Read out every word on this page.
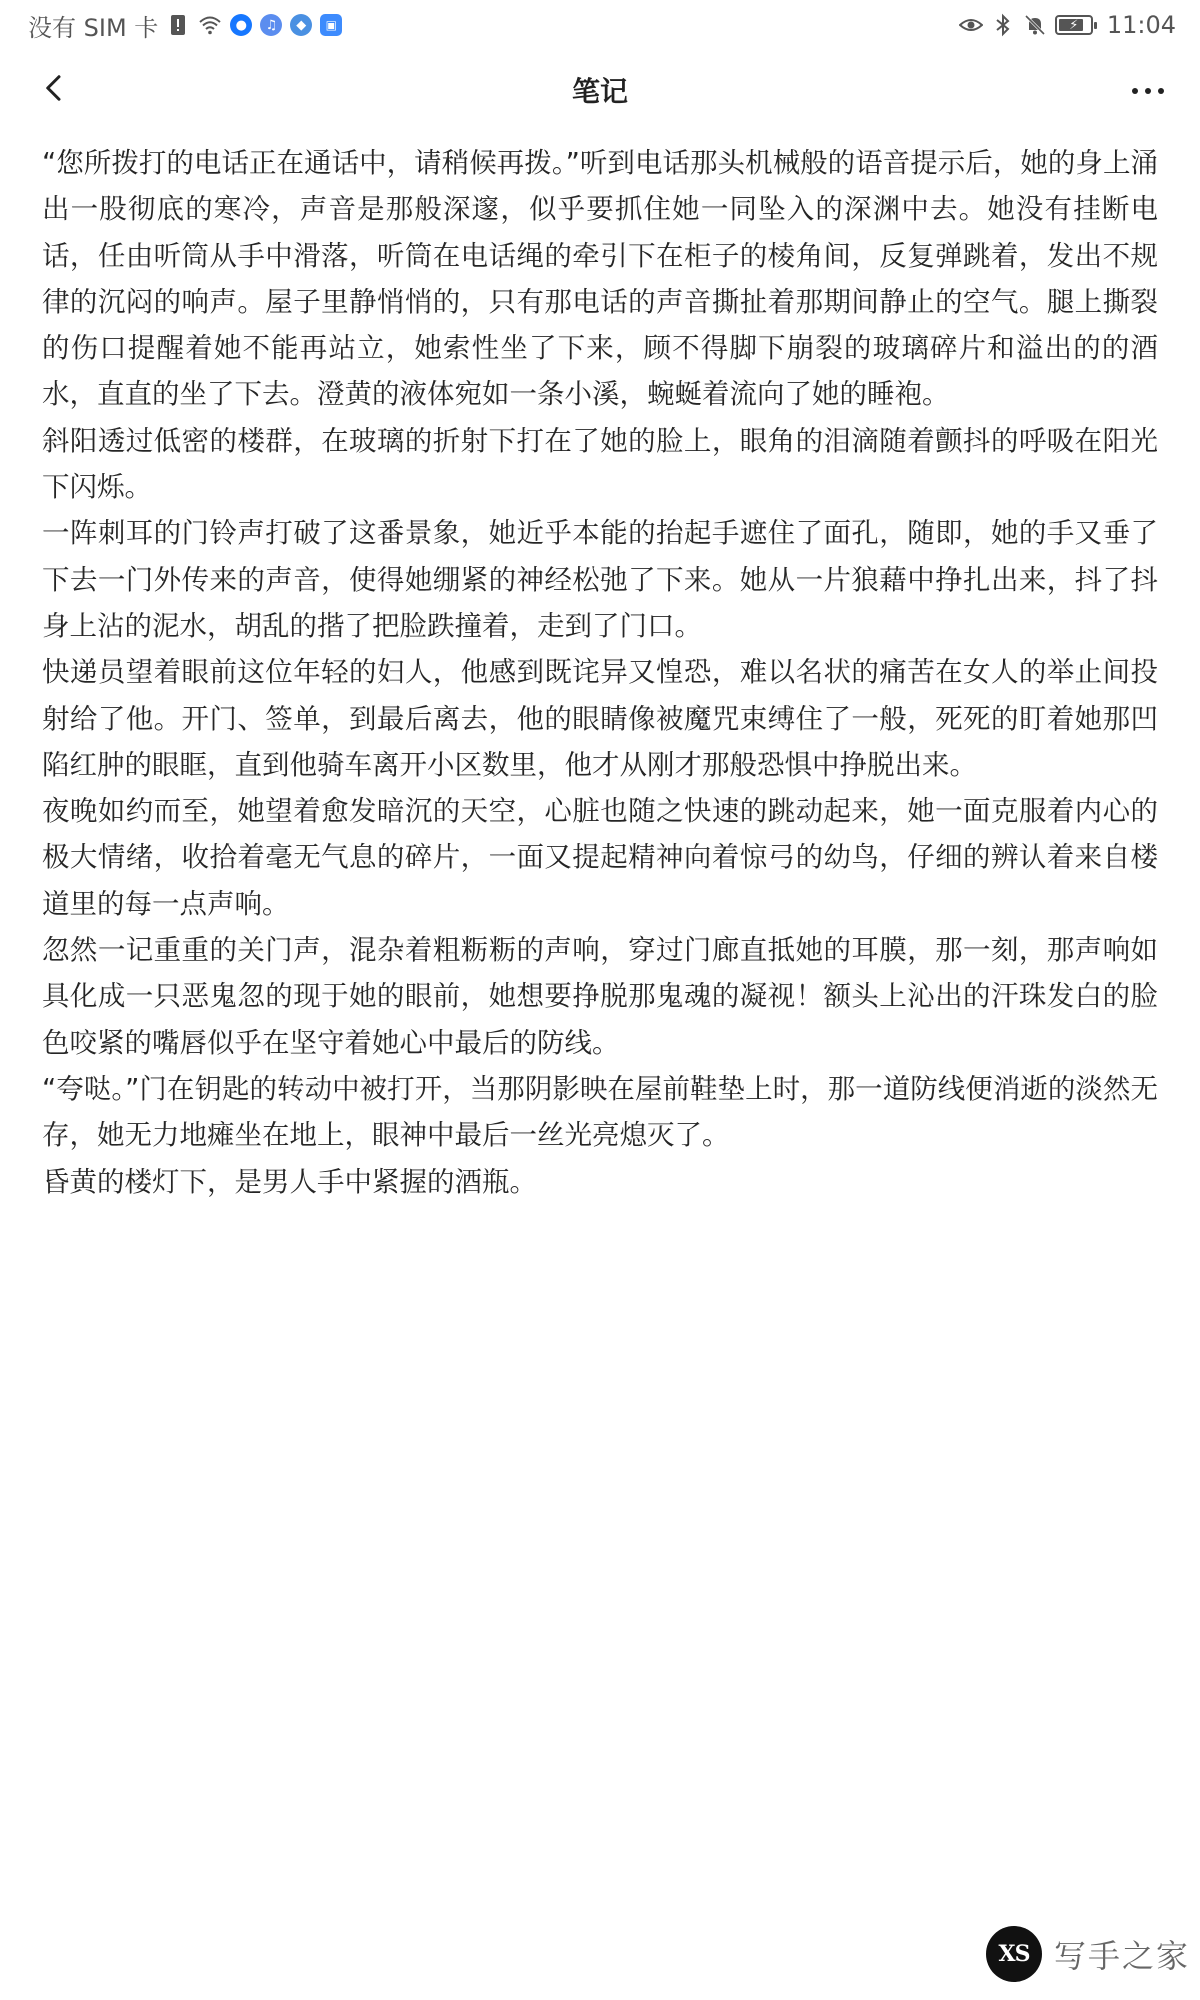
没有 SIM 卡	●	♫	◆	▣	⚡ 11:04
笔记

“您所拨打的电话正在通话中，请稍候再拨。”听到电话那头机械般的语音提示后，她的身上涌出一股彻底的寒冷，声音是那般深邃，似乎要抓住她一同坠入的深渊中去。她没有挂断电话，任由听筒从手中滑落，听筒在电话绳的牵引下在柜子的棱角间，反复弹跳着，发出不规律的沉闷的响声。屋子里静悄悄的，只有那电话的声音撕扯着那期间静止的空气。腿上撕裂的伤口提醒着她不能再站立，她索性坐了下来，顾不得脚下崩裂的玻璃碎片和溢出的的酒水，直直的坐了下去。澄黄的液体宛如一条小溪，蜿蜒着流向了她的睡袍。

斜阳透过低密的楼群，在玻璃的折射下打在了她的脸上，眼角的泪滴随着颤抖的呼吸在阳光下闪烁。

一阵刺耳的门铃声打破了这番景象，她近乎本能的抬起手遮住了面孔，随即，她的手又垂了下去一门外传来的声音，使得她绷紧的神经松弛了下来。她从一片狼藉中挣扎出来，抖了抖身上沾的泥水，胡乱的揩了把脸跌撞着，走到了门口。

快递员望着眼前这位年轻的妇人，他感到既诧异又惶恐，难以名状的痛苦在女人的举止间投射给了他。开门、签单，到最后离去，他的眼睛像被魔咒束缚住了一般，死死的盯着她那凹陷红肿的眼眶，直到他骑车离开小区数里，他才从刚才那般恐惧中挣脱出来。

夜晚如约而至，她望着愈发暗沉的天空，心脏也随之快速的跳动起来，她一面克服着内心的极大情绪，收拾着毫无气息的碎片，一面又提起精神向着惊弓的幼鸟，仔细的辨认着来自楼道里的每一点声响。

忽然一记重重的关门声，混杂着粗粝粝的声响，穿过门廊直抵她的耳膜，那一刻，那声响如具化成一只恶鬼忽的现于她的眼前，她想要挣脱那鬼魂的凝视！额头上沁出的汗珠发白的脸色咬紧的嘴唇似乎在坚守着她心中最后的防线。

“夸哒。”门在钥匙的转动中被打开，当那阴影映在屋前鞋垫上时，那一道防线便消逝的淡然无存，她无力地瘫坐在地上，眼神中最后一丝光亮熄灭了。

昏黄的楼灯下，是男人手中紧握的酒瓶。

XS 写手之家
